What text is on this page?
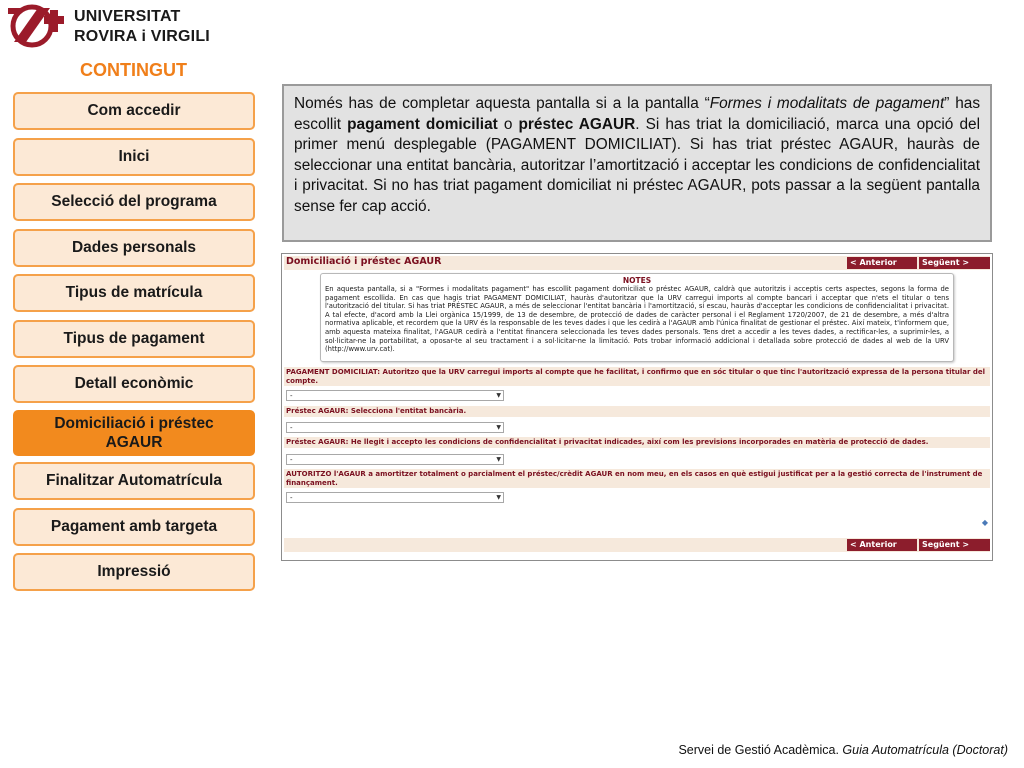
UNIVERSITAT
ROVIRA i VIRGILI
CONTINGUT
Com accedir
Inici
Selecció del programa
Dades personals
Tipus de matrícula
Tipus de pagament
Detall econòmic
Domiciliació i préstec AGAUR
Finalitzar Automatrícula
Pagament amb targeta
Impressió
Només has de completar aquesta pantalla si a la pantalla “Formes i modalitats de pagament” has escollit pagament domiciliat o préstec AGAUR. Si has triat la domiciliació, marca una opció del primer menú desplegable (PAGAMENT DOMICILIAT). Si has triat préstec AGAUR, hauràs de seleccionar una entitat bancària, autoritzar l’amortització i acceptar les condicions de confidencialitat i privacitat. Si no has triat pagament domiciliat ni préstec AGAUR, pots passar a la següent pantalla sense fer cap acció.
Domiciliació i préstec AGAUR	< Anterior	Següent >
NOTES
En aquesta pantalla, si a "Formes i modalitats pagament" has escollit pagament domiciliat o préstec AGAUR, caldrà que autoritzis i acceptis certs aspectes, segons la forma de pagament escollida. En cas que hagis triat PAGAMENT DOMICILIAT, hauràs d'autoritzar que la URV carregui imports al compte bancari i acceptar que n'ets el titular o tens l'autorització del titular. Si has triat PRÉSTEC AGAUR, a més de seleccionar l'entitat bancària i l'amortització, si escau, hauràs d'acceptar les condicions de confidencialitat i privacitat. A tal efecte, d'acord amb la Llei orgànica 15/1999, de 13 de desembre, de protecció de dades de caràcter personal i el Reglament 1720/2007, de 21 de desembre, a més d'altra normativa aplicable, et recordem que la URV és la responsable de les teves dades i que les cedirà a l'AGAUR amb l'única finalitat de gestionar el préstec. Així mateix, t'informem que, amb aquesta mateixa finalitat, l'AGAUR cedirà a l'entitat financera seleccionada les teves dades personals. Tens dret a accedir a les teves dades, a rectificar-les, a suprimir-les, a sol·licitar-ne la portabilitat, a oposar-te al seu tractament i a sol·licitar-ne la limitació. Pots trobar informació addicional i detallada sobre protecció de dades al web de la URV (http://www.urv.cat).
PAGAMENT DOMICILIAT: Autoritzo que la URV carregui imports al compte que he facilitat, i confirmo que en sóc titular o que tinc l'autorització expressa de la persona titular del compte.
-	▼
Préstec AGAUR: Selecciona l'entitat bancària.
-	▼
Préstec AGAUR: He llegit i accepto les condicions de confidencialitat i privacitat indicades, així com les previsions incorporades en matèria de protecció de dades.
-	▼
AUTORITZO l'AGAUR a amortitzer totalment o parcialment el préstec/crèdit AGAUR en nom meu, en els casos en què estigui justificat per a la gestió correcta de l'instrument de finançament.
-	▼
◆
< Anterior	Següent >
Servei de Gestió Acadèmica. Guia Automatrícula (Doctorat)
